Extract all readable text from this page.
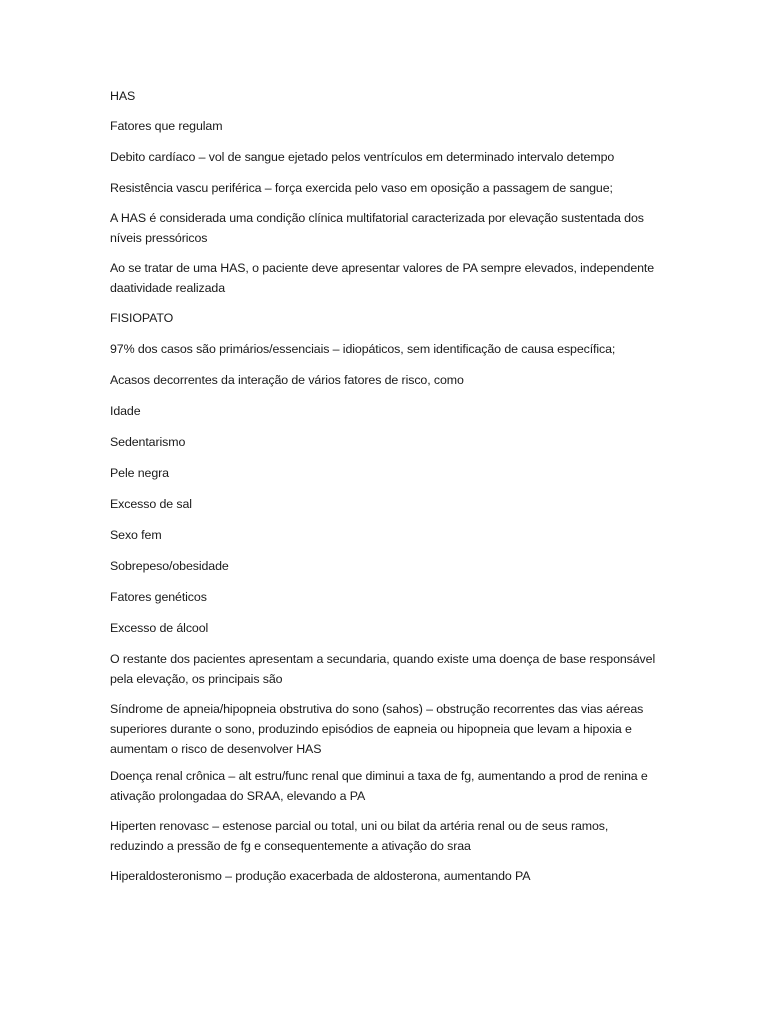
HAS

Fatores que regulam

Debito cardíaco – vol de sangue ejetado pelos ventrículos em determinado intervalo detempo

Resistência vascu periférica – força exercida pelo vaso em oposição a passagem de sangue;

A HAS é considerada uma condição clínica multifatorial caracterizada por elevação sustentada dos níveis pressóricos

Ao se tratar de uma HAS, o paciente deve apresentar valores de PA sempre elevados, independente daatividade realizada

FISIOPATO

97% dos casos são primários/essenciais – idiopáticos, sem identificação de causa específica;

Acasos decorrentes da interação de vários fatores de risco, como

Idade

Sedentarismo

Pele negra

Excesso de sal

Sexo fem

Sobrepeso/obesidade

Fatores genéticos

Excesso de álcool

O restante dos pacientes apresentam a secundaria, quando existe uma doença de base responsável pela elevação, os principais são

Síndrome de apneia/hipopneia obstrutiva do sono (sahos) – obstrução recorrentes das vias aéreas superiores durante o sono, produzindo episódios de eapneia ou hipopneia que levam a hipoxia e aumentam o risco de desenvolver HAS

Doença renal crônica – alt estru/func renal que diminui a taxa de fg, aumentando a prod de renina e ativação prolongadaa do SRAA, elevando a PA

Hiperten renovasc – estenose parcial ou total, uni ou bilat da artéria renal ou de seus ramos, reduzindo a pressão de fg e consequentemente a ativação do sraa

Hiperaldosteronismo – produção exacerbada de aldosterona, aumentando PA
